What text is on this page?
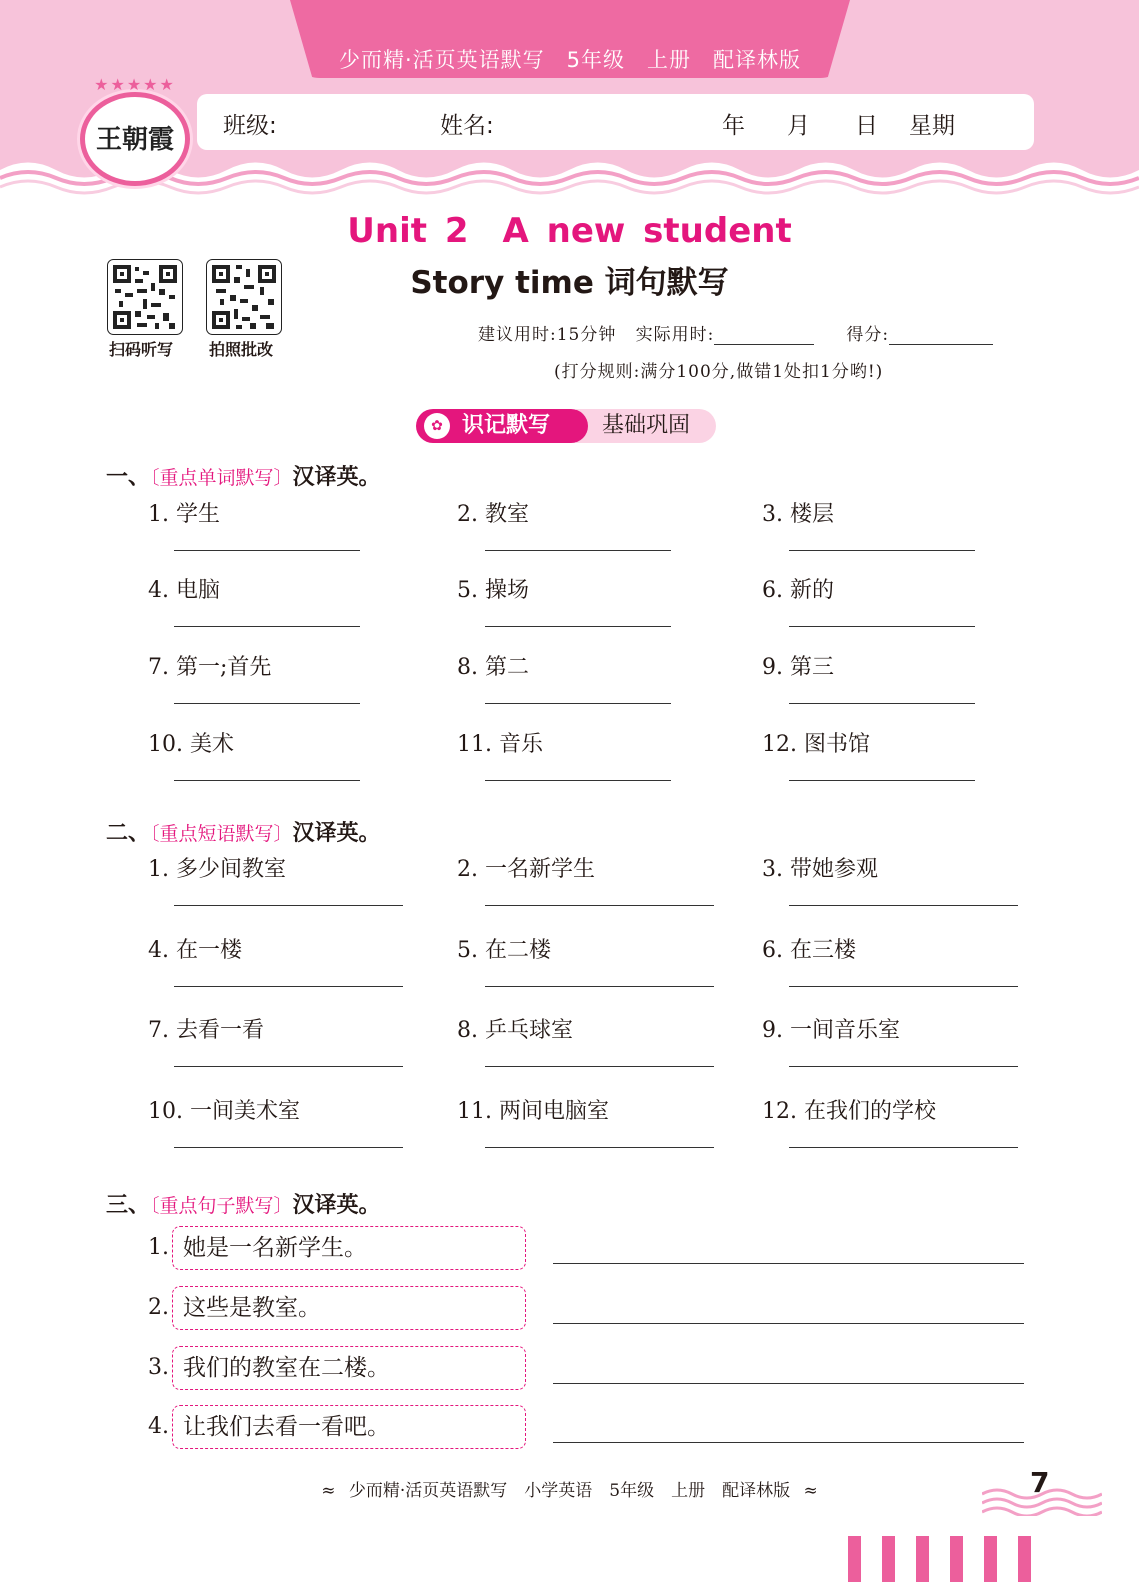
少而精·活页英语默写　5年级　上册　配译林版
★★★★★
王朝霞	班级:	姓名:	年 月 日 星期
Unit 2　A new student
Story time 词句默写
扫码听写 拍照批改
建议用时:15分钟 实际用时:	得分:
(打分规则:满分100分,做错1处扣1分哟!)
基础巩固
✿ 识记默写
一、〔重点单词默写〕汉译英。
1. 学生	2. 教室	3. 楼层
4. 电脑	5. 操场	6. 新的
7. 第一;首先	8. 第二	9. 第三
10. 美术	11. 音乐	12. 图书馆
二、〔重点短语默写〕汉译英。
1. 多少间教室	2. 一名新学生	3. 带她参观
4. 在一楼	5. 在二楼	6. 在三楼
7. 去看一看	8. 乒乓球室	9. 一间音乐室
10. 一间美术室	11. 两间电脑室	12. 在我们的学校
三、〔重点句子默写〕汉译英。
1. 她是一名新学生。
2. 这些是教室。
3. 我们的教室在二楼。
4. 让我们去看一看吧。
≈ 少而精·活页英语默写　小学英语　5年级　上册　配译林版 ≈	7
